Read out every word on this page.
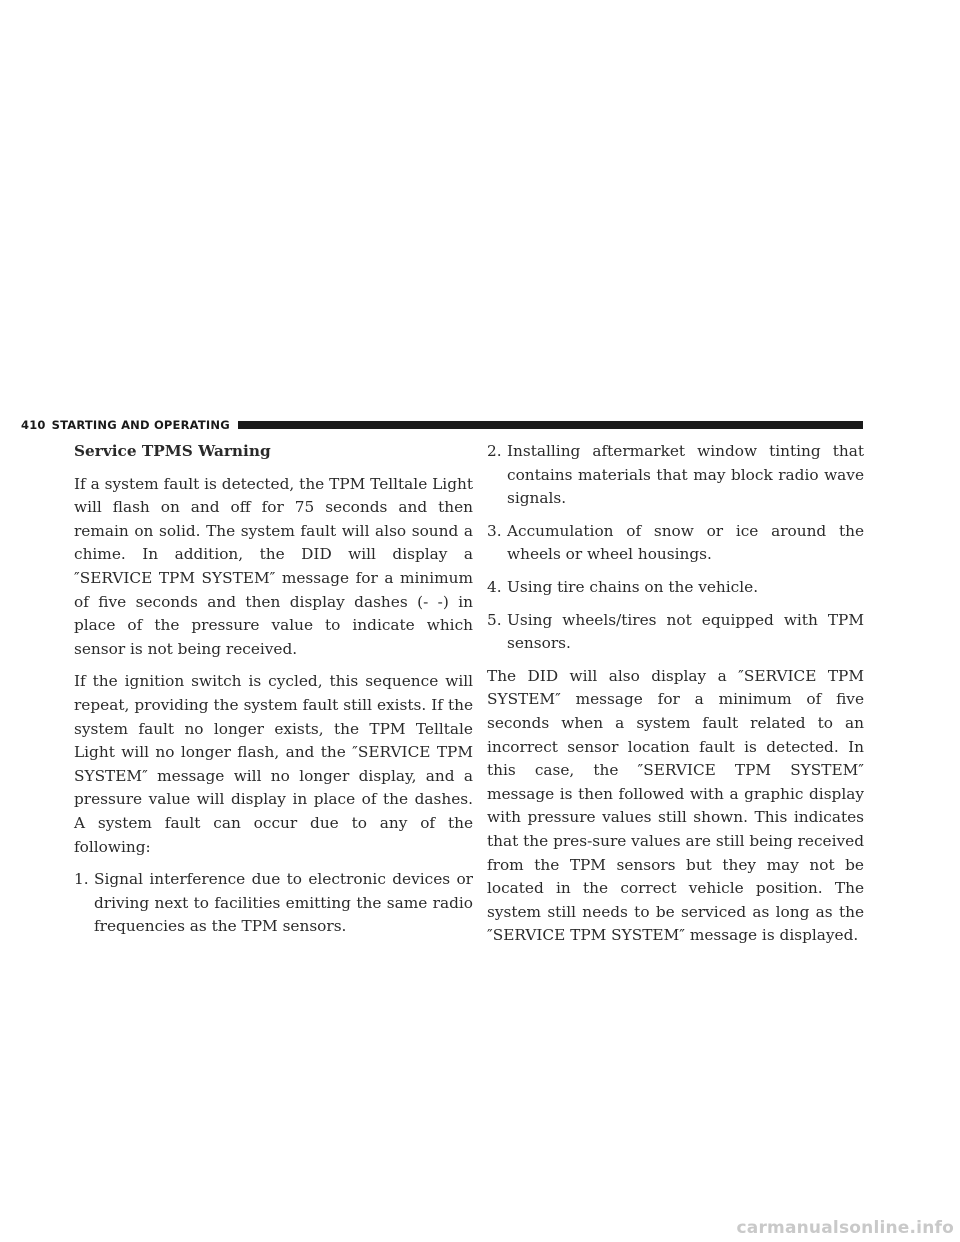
410 STARTING AND OPERATING
Service TPMS Warning

If a system fault is detected, the TPM Telltale Light will flash on and off for 75 seconds and then remain on solid. The system fault will also sound a chime. In addition, the DID will display a ″SERVICE TPM SYSTEM″ message for a minimum of five seconds and then display dashes (- -) in place of the pressure value to indicate which sensor is not being received.

If the ignition switch is cycled, this sequence will repeat, providing the system fault still exists. If the system fault no longer exists, the TPM Telltale Light will no longer flash, and the ″SERVICE TPM SYSTEM″ message will no longer display, and a pressure value will display in place of the dashes. A system fault can occur due to any of the following:

1. Signal interference due to electronic devices or driving next to facilities emitting the same radio frequencies as the TPM sensors.
2. Installing aftermarket window tinting that contains materials that may block radio wave signals.
3. Accumulation of snow or ice around the wheels or wheel housings.
4. Using tire chains on the vehicle.
5. Using wheels/tires not equipped with TPM sensors.

The DID will also display a ″SERVICE TPM SYSTEM″ message for a minimum of five seconds when a system fault related to an incorrect sensor location fault is detected. In this case, the ″SERVICE TPM SYSTEM″ message is then followed with a graphic display with pressure values still shown. This indicates that the pres-sure values are still being received from the TPM sensors but they may not be located in the correct vehicle position. The system still needs to be serviced as long as the ″SERVICE TPM SYSTEM″ message is displayed.

carmanualsonline.info
